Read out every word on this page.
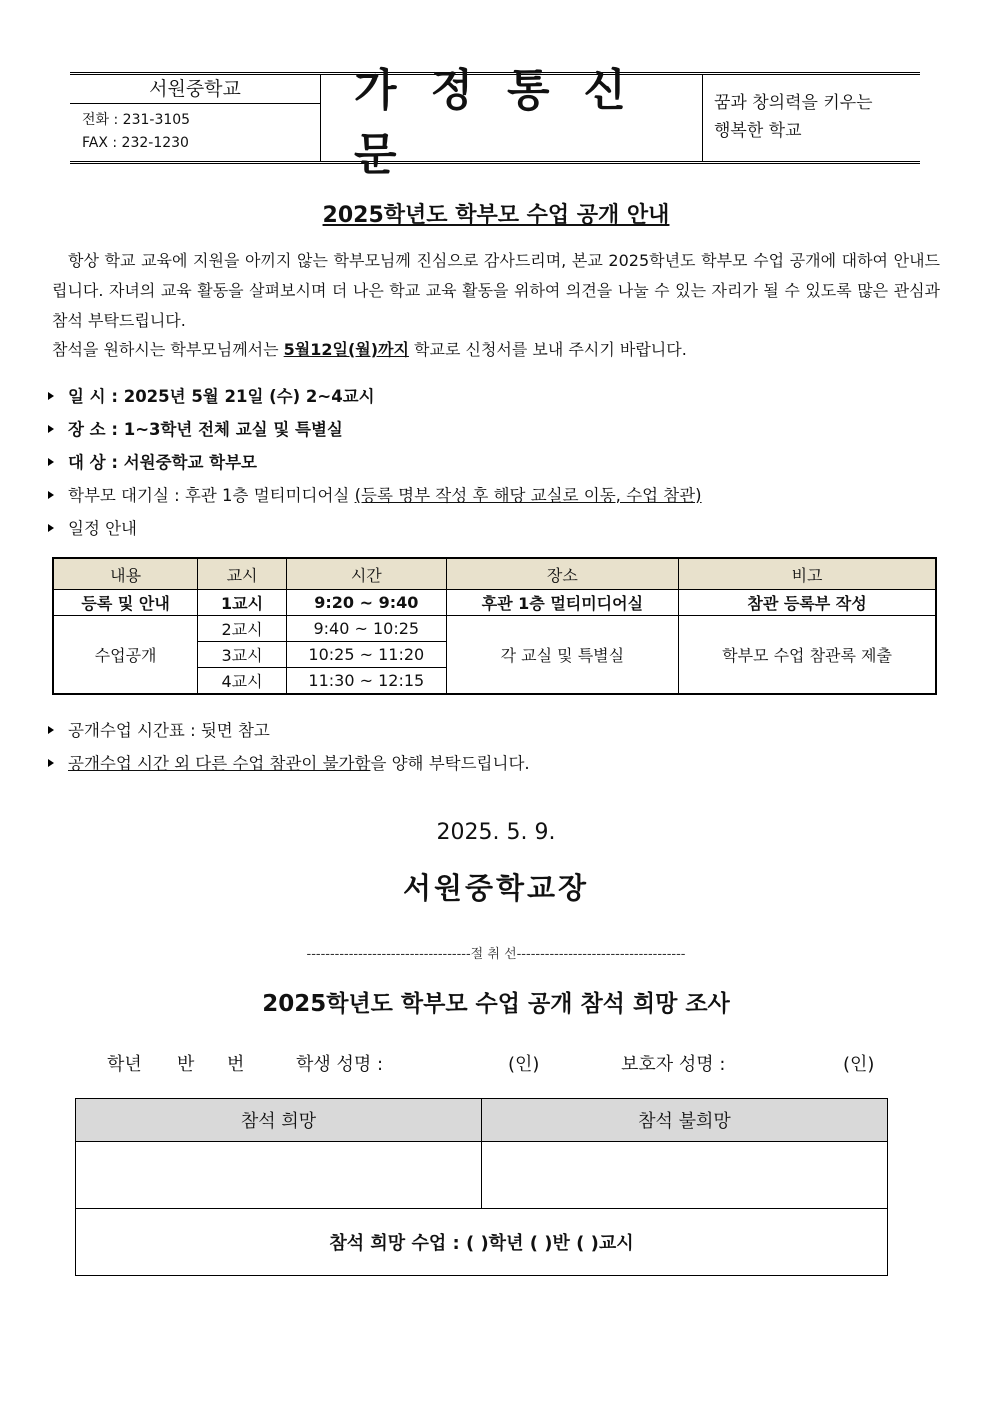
서원중학교
전화 : 231-3105
FAX : 232-1230
가정통신문
꿈과 창의력을 키우는
행복한 학교
2025학년도 학부모 수업 공개 안내
항상 학교 교육에 지원을 아끼지 않는 학부모님께 진심으로 감사드리며, 본교 2025학년도 학부모 수업 공개에 대하여 안내드립니다. 자녀의 교육 활동을 살펴보시며 더 나은 학교 교육 활동을 위하여 의견을 나눌 수 있는 자리가 될 수 있도록 많은 관심과 참석 부탁드립니다.
참석을 원하시는 학부모님께서는 5월12일(월)까지 학교로 신청서를 보내 주시기 바랍니다.
일 시 : 2025년 5월 21일 (수) 2~4교시
장 소 : 1~3학년 전체 교실 및 특별실
대 상 : 서원중학교 학부모
학부모 대기실 : 후관 1층 멀티미디어실 (등록 명부 작성 후 해당 교실로 이동, 수업 참관)
일정 안내
내용	교시	시간	장소	비고
등록 및 안내	1교시	9:20 ~ 9:40	후관 1층 멀티미디어실	참관 등록부 작성
수업공개	2교시	9:40 ~ 10:25	각 교실 및 특별실	학부모 수업 참관록 제출
	3교시	10:25 ~ 11:20		
	4교시	11:30 ~ 12:15		
공개수업 시간표 : 뒷면 참고
공개수업 시간 외 다른 수업 참관이 불가함을 양해 부탁드립니다.
2025. 5. 9.
서원중학교장
-----------------------------------절 취 선------------------------------------
2025학년도 학부모 수업 공개 참석 희망 조사
학년 반 번	학생 성명 :	(인)	보호자 성명 :	(인)
참석 희망	참석 불희망

참석 희망 수업 : ( )학년 ( )반 ( )교시	
